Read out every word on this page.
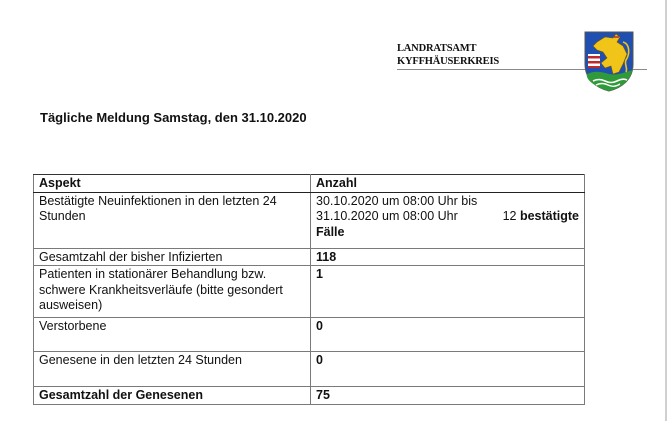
LANDRATSAMT
KYFFHÄUSERKREIS
Tägliche Meldung Samstag, den 31.10.2020
Aspekt	Anzahl
Bestätigte Neuinfektionen in den letzten 24 Stunden	30.10.2020 um 08:00 Uhr bis
31.10.2020 um 08:00 Uhr 12 bestätigte
Fälle

Gesamtzahl der bisher Infizierten	118
Patienten in stationärer Behandlung bzw. schwere Krankheitsverläufe (bitte gesondert ausweisen)	1
Verstorbene	0
Genesene in den letzten 24 Stunden	0
Gesamtzahl der Genesenen	75
